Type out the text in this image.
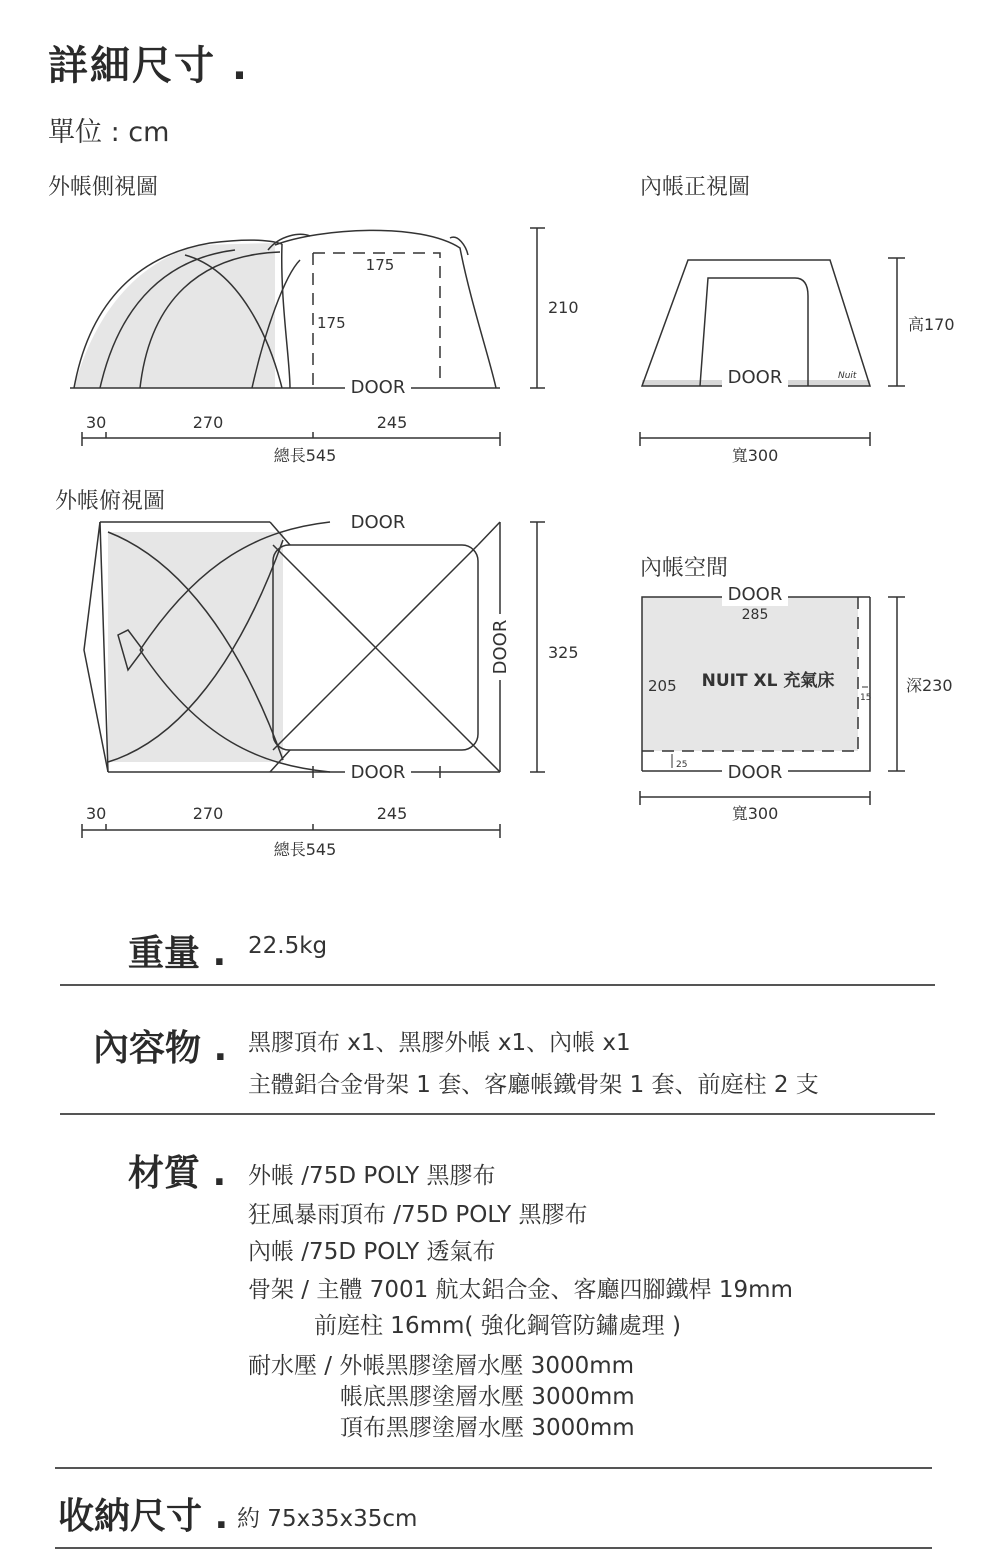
詳細尺寸 .
單位 : cm
外帳側視圖	內帳正視圖
外帳俯視圖
內帳空間
175
175
DOOR
210
30	270	245
總長545
DOOR	Nuit
高170
寬300
DOOR
DOOR
DOOR
325
30	270	245
總長545
DOOR
285
205 NUIT XL 充氣床
15
25 DOOR
深230
寬300
重量 . 22.5kg
內容物 . 黑膠頂布 x1、黑膠外帳 x1、內帳 x1
主體鋁合金骨架 1 套、客廳帳鐵骨架 1 套、前庭柱 2 支
材質 . 外帳 /75D POLY 黑膠布
狂風暴雨頂布 /75D POLY 黑膠布
內帳 /75D POLY 透氣布
骨架 / 主體 7001 航太鋁合金、客廳四腳鐵桿 19mm
前庭柱 16mm( 強化鋼管防鏽處理 )
耐水壓 / 外帳黑膠塗層水壓 3000mm
帳底黑膠塗層水壓 3000mm
頂布黑膠塗層水壓 3000mm
收納尺寸 . 約 75x35x35cm
